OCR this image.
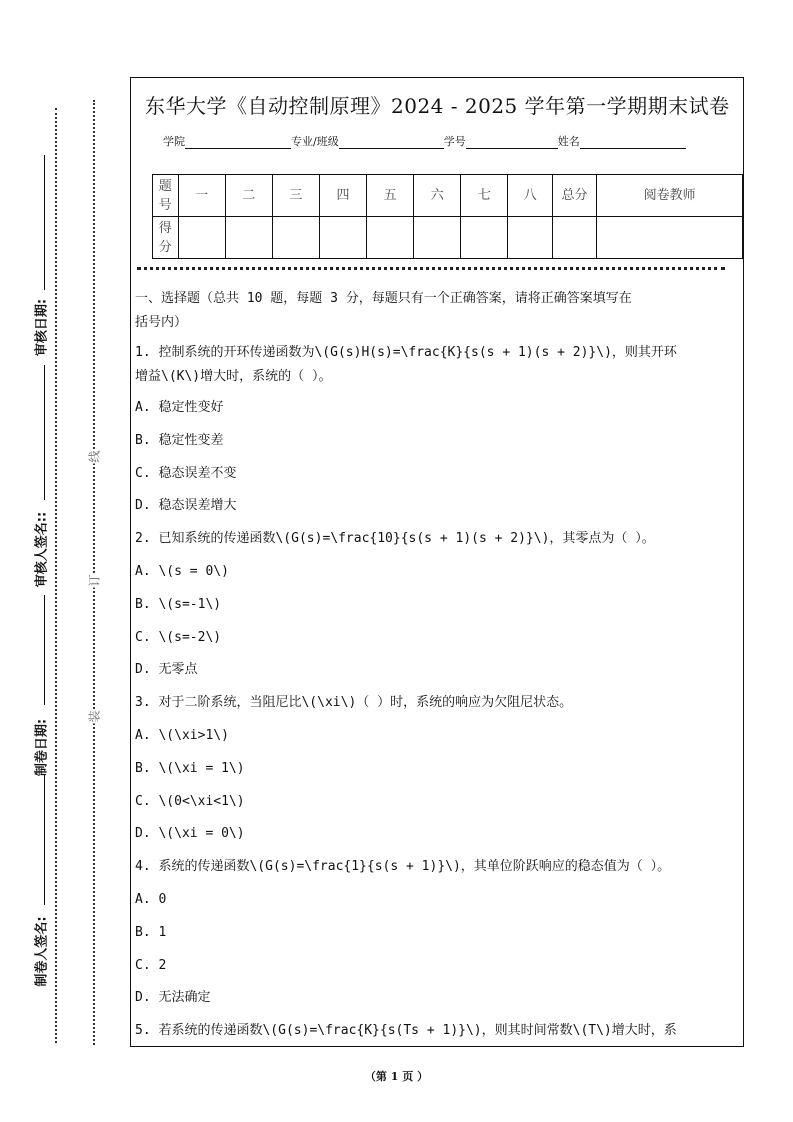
审核日期:
审核人签名::
制卷日期:
制卷人签名:
线
订
装
东华大学《自动控制原理》2024 - 2025 学年第一学期期末试卷
学院	专业/班级	学号	姓名
题号	一	二	三	四	五	六	七	八	总分	阅卷教师
得分										
一、选择题（总共 10 题，每题 3 分，每题只有一个正确答案，请将正确答案填写在
括号内）
1. 控制系统的开环传递函数为\(G(s)H(s)=\frac{K}{s(s + 1)(s + 2)}\)，则其开环
增益\(K\)增大时，系统的（ ）。
A. 稳定性变好
B. 稳定性变差
C. 稳态误差不变
D. 稳态误差增大
2. 已知系统的传递函数\(G(s)=\frac{10}{s(s + 1)(s + 2)}\)，其零点为（ ）。
A. \(s = 0\)
B. \(s=-1\)
C. \(s=-2\)
D. 无零点
3. 对于二阶系统，当阻尼比\(\xi\)（ ）时，系统的响应为欠阻尼状态。
A. \(\xi>1\)
B. \(\xi = 1\)
C. \(0<\xi<1\)
D. \(\xi = 0\)
4. 系统的传递函数\(G(s)=\frac{1}{s(s + 1)}\)，其单位阶跃响应的稳态值为（ ）。
A. 0
B. 1
C. 2
D. 无法确定
5. 若系统的传递函数\(G(s)=\frac{K}{s(Ts + 1)}\)，则其时间常数\(T\)增大时，系
（第 1 页 ）
